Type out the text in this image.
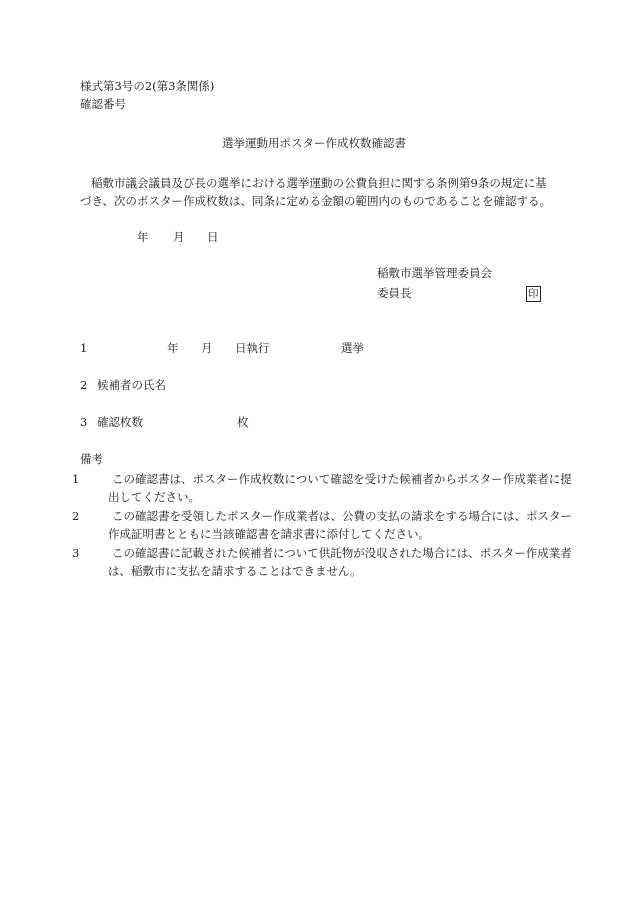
様式第3号の2(第3条関係)
確認番号
選挙運動用ポスター作成枚数確認書
稲敷市議会議員及び長の選挙における選挙運動の公費負担に関する条例第9条の規定に基づき、次のポスター作成枚数は、同条に定める金額の範囲内のものであることを確認する。
年 月 日
稲敷市選挙管理委員会
委員長	印
1	年 月 日執行	選挙
2 候補者の氏名
3 確認枚数	枚
備考
1	この確認書は、ポスター作成枚数について確認を受けた候補者からポスター作成業者に提出してください。
2	この確認書を受領したポスター作成業者は、公費の支払の請求をする場合には、ポスター作成証明書とともに当該確認書を請求書に添付してください。
3	この確認書に記載された候補者について供託物が没収された場合には、ポスター作成業者は、稲敷市に支払を請求することはできません。
